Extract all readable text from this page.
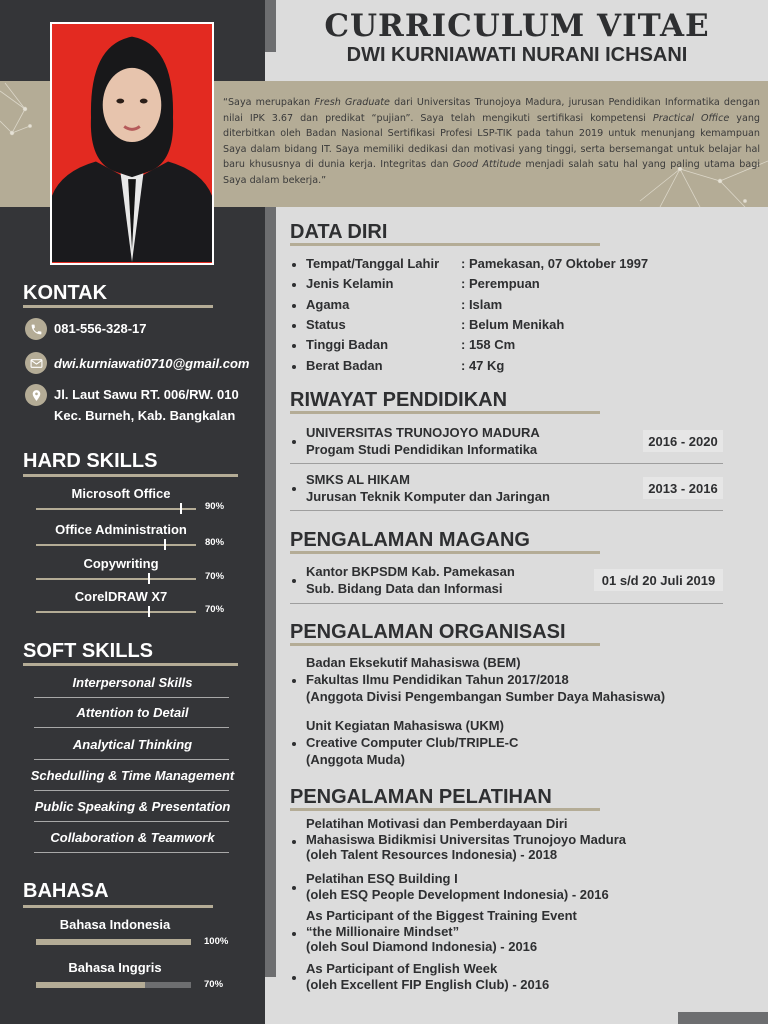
CURRICULUM VITAE
DWI KURNIAWATI NURANI ICHSANI
“Saya merupakan Fresh Graduate dari Universitas Trunojoya Madura, jurusan Pendidikan Informatika dengan nilai IPK 3.67 dan predikat “pujian”. Saya telah mengikuti sertifikasi kompetensi Practical Office yang diterbitkan oleh Badan Nasional Sertifikasi Profesi LSP-TIK pada tahun 2019 untuk menunjang kemampuan Saya dalam bidang IT. Saya memiliki dedikasi dan motivasi yang tinggi, serta bersemangat untuk belajar hal baru khususnya di dunia kerja. Integritas dan Good Attitude menjadi salah satu hal yang paling utama bagi Saya dalam bekerja.”
KONTAK
081-556-328-17
dwi.kurniawati0710@gmail.com
Jl. Laut Sawu RT. 006/RW. 010
Kec. Burneh, Kab. Bangkalan
HARD SKILLS
Microsoft Office
90%
Office Administration
80%
Copywriting
70%
CorelDRAW X7
70%
SOFT SKILLS
Interpersonal Skills
Attention to Detail
Analytical Thinking
Schedulling & Time Management
Public Speaking & Presentation
Collaboration & Teamwork
BAHASA
Bahasa Indonesia
100%
Bahasa Inggris
70%
DATA DIRI
Tempat/Tanggal Lahir : Pamekasan, 07 Oktober 1997
Jenis Kelamin	: Perempuan
Agama	: Islam
Status	: Belum Menikah
Tinggi Badan	: 158 Cm
Berat Badan	: 47 Kg
RIWAYAT PENDIDIKAN
UNIVERSITAS TRUNOJOYO MADURA
Progam Studi Pendidikan Informatika
2016 - 2020
SMKS AL HIKAM
Jurusan Teknik Komputer dan Jaringan
2013 - 2016
PENGALAMAN MAGANG
Kantor BKPSDM Kab. Pamekasan
Sub. Bidang Data dan Informasi
01 s/d 20 Juli 2019
PENGALAMAN ORGANISASI
Badan Eksekutif Mahasiswa (BEM)
Fakultas Ilmu Pendidikan Tahun 2017/2018
(Anggota Divisi Pengembangan Sumber Daya Mahasiswa)
Unit Kegiatan Mahasiswa (UKM)
Creative Computer Club/TRIPLE-C
(Anggota Muda)
PENGALAMAN PELATIHAN
Pelatihan Motivasi dan Pemberdayaan Diri
Mahasiswa Bidikmisi Universitas Trunojoyo Madura
(oleh Talent Resources Indonesia) - 2018
Pelatihan ESQ Building I
(oleh ESQ People Development Indonesia) - 2016
As Participant of the Biggest Training Event
“the Millionaire Mindset”
(oleh Soul Diamond Indonesia) - 2016
As Participant of English Week
(oleh Excellent FIP English Club) - 2016
